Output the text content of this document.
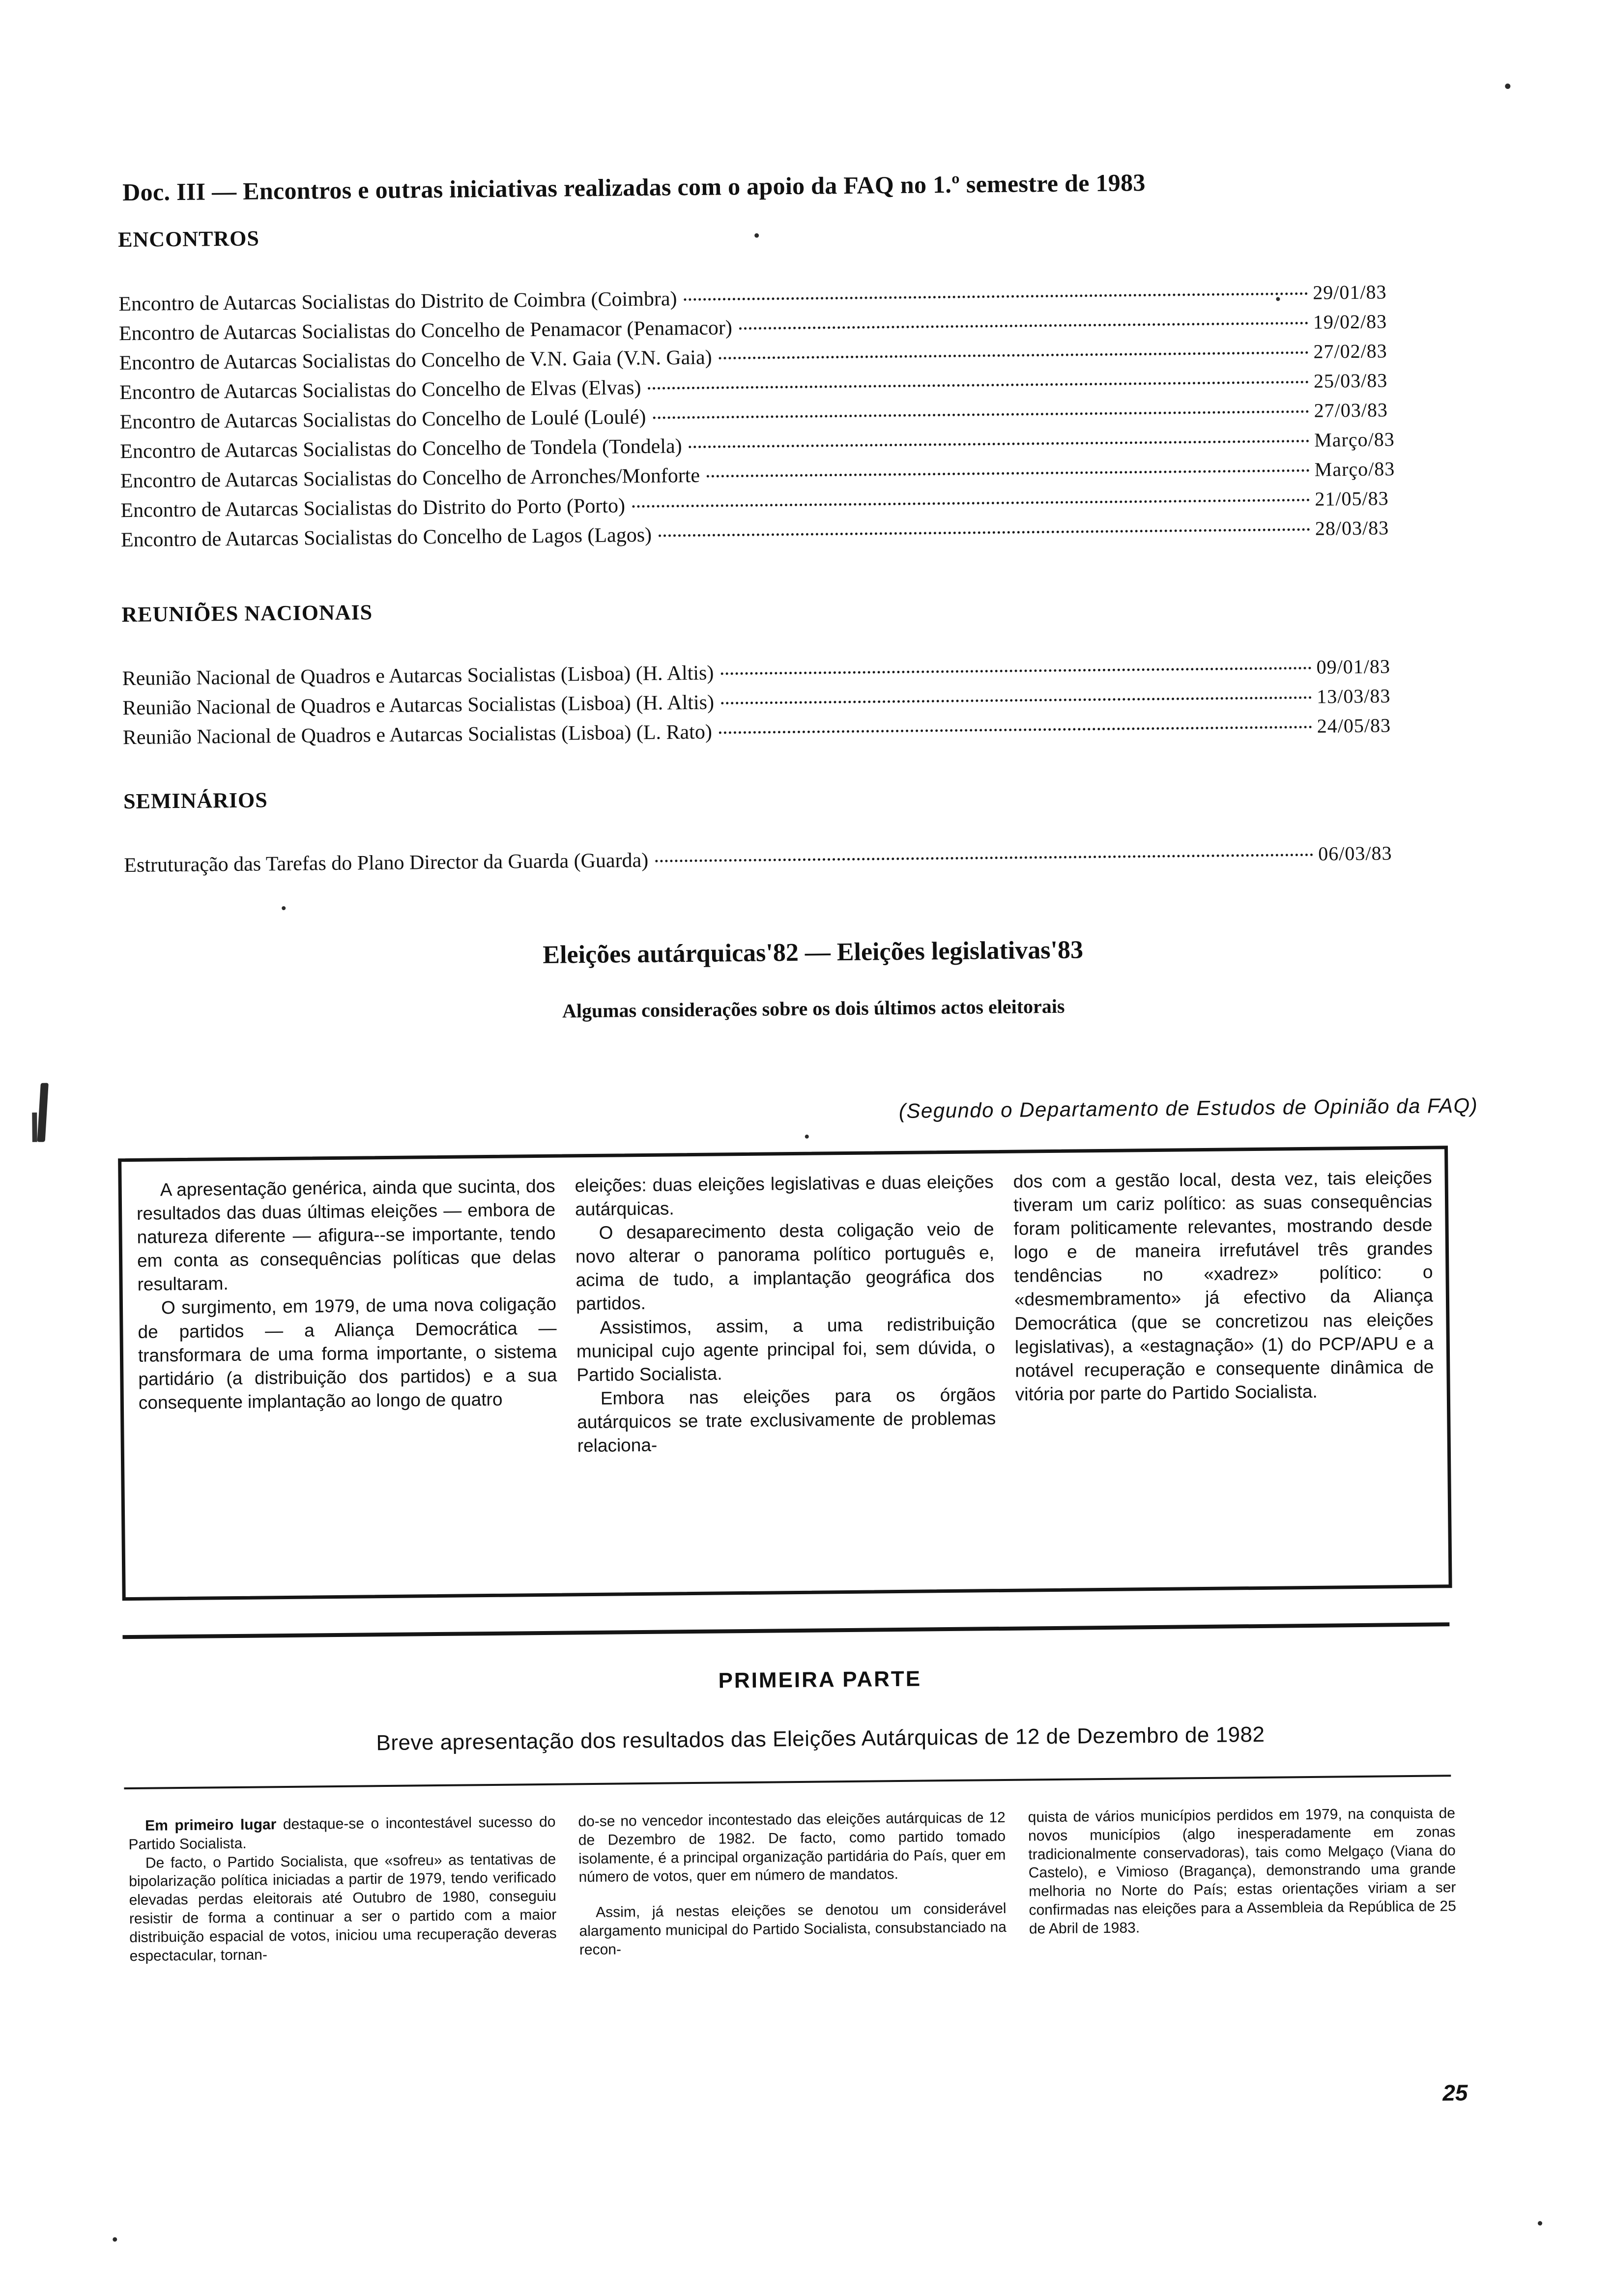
Doc. III — Encontros e outras iniciativas realizadas com o apoio da FAQ no 1.º semestre de 1983
ENCONTROS
Encontro de Autarcas Socialistas do Distrito de Coimbra (Coimbra)	29/01/83
Encontro de Autarcas Socialistas do Concelho de Penamacor (Penamacor)	19/02/83
Encontro de Autarcas Socialistas do Concelho de V.N. Gaia (V.N. Gaia)	27/02/83
Encontro de Autarcas Socialistas do Concelho de Elvas (Elvas)	25/03/83
Encontro de Autarcas Socialistas do Concelho de Loulé (Loulé)	27/03/83
Encontro de Autarcas Socialistas do Concelho de Tondela (Tondela)	Março/83
Encontro de Autarcas Socialistas do Concelho de Arronches/Monforte	Março/83
Encontro de Autarcas Socialistas do Distrito do Porto (Porto)	21/05/83
Encontro de Autarcas Socialistas do Concelho de Lagos (Lagos)	28/03/83
REUNIÕES NACIONAIS
Reunião Nacional de Quadros e Autarcas Socialistas (Lisboa) (H. Altis)	09/01/83
Reunião Nacional de Quadros e Autarcas Socialistas (Lisboa) (H. Altis)	13/03/83
Reunião Nacional de Quadros e Autarcas Socialistas (Lisboa) (L. Rato)	24/05/83
SEMINÁRIOS
Estruturação das Tarefas do Plano Director da Guarda (Guarda)	06/03/83
Eleições autárquicas'82 — Eleições legislativas'83
Algumas considerações sobre os dois últimos actos eleitorais
(Segundo o Departamento de Estudos de Opinião da FAQ)

A apresentação genérica, ainda que sucinta, dos resultados das duas últimas eleições — embora de natureza diferente — afigura--se importante, tendo em conta as consequências políticas que delas resultaram.

O surgimento, em 1979, de uma nova coligação de partidos — a Aliança Democrática — transformara de uma forma importante, o sistema partidário (a distribuição dos partidos) e a sua consequente implantação ao longo de quatro

eleições: duas eleições legislativas e duas eleições autárquicas.

O desaparecimento desta coligação veio de novo alterar o panorama político português e, acima de tudo, a implantação geográfica dos partidos.

Assistimos, assim, a uma redistribuição municipal cujo agente principal foi, sem dúvida, o Partido Socialista.

Embora nas eleições para os órgãos autárquicos se trate exclusivamente de problemas relaciona-

dos com a gestão local, desta vez, tais eleições tiveram um cariz político: as suas consequências foram politicamente relevantes, mostrando desde logo e de maneira irrefutável três grandes tendências no «xadrez» político: o «desmembramento» já efectivo da Aliança Democrática (que se concretizou nas eleições legislativas), a «estagnação» (1) do PCP/APU e a notável recuperação e consequente dinâmica de vitória por parte do Partido Socialista.

PRIMEIRA PARTE
Breve apresentação dos resultados das Eleições Autárquicas de 12 de Dezembro de 1982

Em primeiro lugar destaque-se o incontestável sucesso do Partido Socialista.

De facto, o Partido Socialista, que «sofreu» as tentativas de bipolarização política iniciadas a partir de 1979, tendo verificado elevadas perdas eleitorais até Outubro de 1980, conseguiu resistir de forma a continuar a ser o partido com a maior distribuição espacial de votos, iniciou uma recuperação deveras espectacular, tornan-

do-se no vencedor incontestado das eleições autárquicas de 12 de Dezembro de 1982. De facto, como partido tomado isolamente, é a principal organização partidária do País, quer em número de votos, quer em número de mandatos.

Assim, já nestas eleições se denotou um considerável alargamento municipal do Partido Socialista, consubstanciado na recon-

quista de vários municípios perdidos em 1979, na conquista de novos municípios (algo inesperadamente em zonas tradicionalmente conservadoras), tais como Melgaço (Viana do Castelo), e Vimioso (Bragança), demonstrando uma grande melhoria no Norte do País; estas orientações viriam a ser confirmadas nas eleições para a Assembleia da República de 25 de Abril de 1983.

25
